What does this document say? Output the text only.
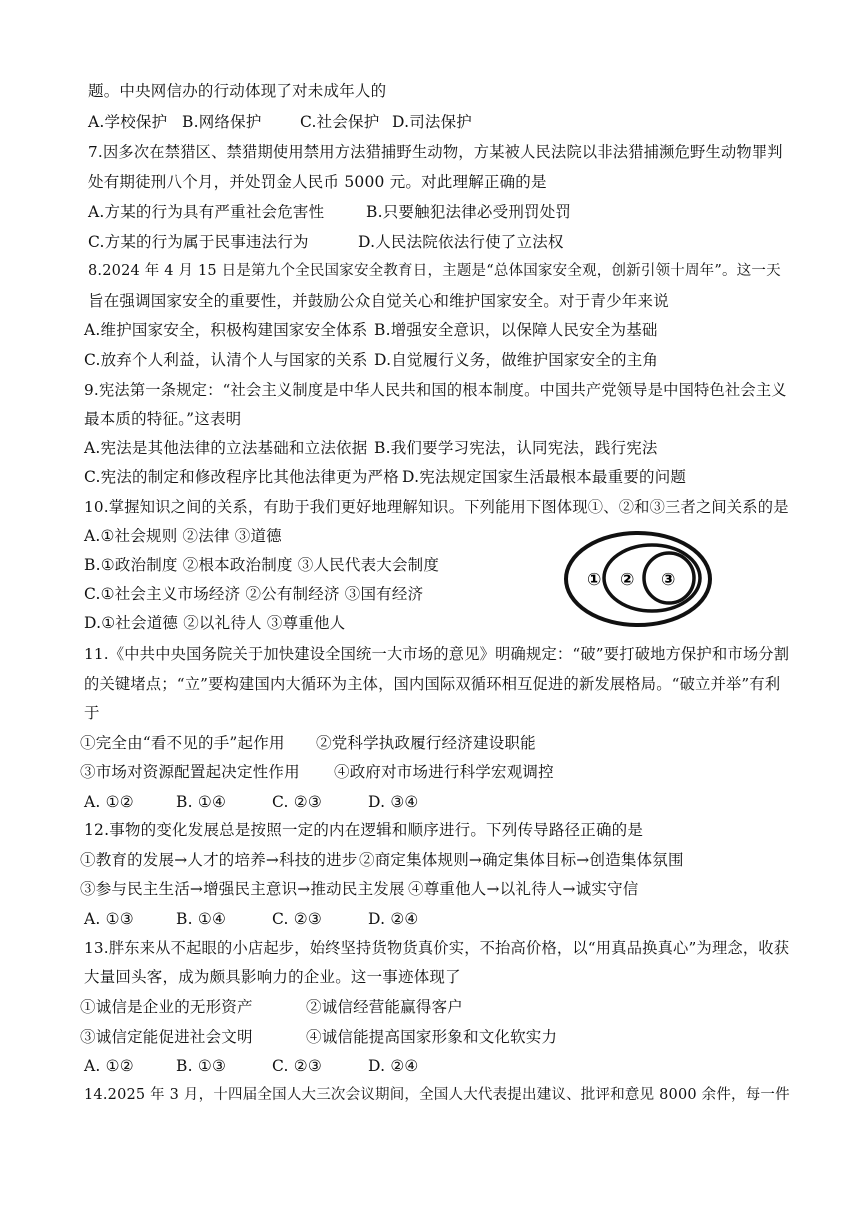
题。中央网信办的行动体现了对未成年人的
A.学校保护 B.网络保护 C.社会保护 D.司法保护
7.因多次在禁猎区、禁猎期使用禁用方法猎捕野生动物，方某被人民法院以非法猎捕濒危野生动物罪判
处有期徒刑八个月，并处罚金人民币 5000 元。对此理解正确的是
A.方某的行为具有严重社会危害性	B.只要触犯法律必受刑罚处罚
C.方某的行为属于民事违法行为	D.人民法院依法行使了立法权
8.2024 年 4 月 15 日是第九个全民国家安全教育日，主题是“总体国家安全观，创新引领十周年”。这一天
旨在强调国家安全的重要性，并鼓励公众自觉关心和维护国家安全。对于青少年来说
A.维护国家安全，积极构建国家安全体系 B.增强安全意识，以保障人民安全为基础
C.放弃个人利益，认清个人与国家的关系 D.自觉履行义务，做维护国家安全的主角
9.宪法第一条规定：“社会主义制度是中华人民共和国的根本制度。中国共产党领导是中国特色社会主义
最本质的特征。”这表明
A.宪法是其他法律的立法基础和立法依据 B.我们要学习宪法，认同宪法，践行宪法
C.宪法的制定和修改程序比其他法律更为严格 D.宪法规定国家生活最根本最重要的问题
10.掌握知识之间的关系，有助于我们更好地理解知识。下列能用下图体现①、②和③三者之间关系的是
A.①社会规则 ②法律 ③道德
B.①政治制度 ②根本政治制度 ③人民代表大会制度
C.①社会主义市场经济 ②公有制经济 ③国有经济
D.①社会道德 ②以礼待人 ③尊重他人
① ② ③
11.《中共中央国务院关于加快建设全国统一大市场的意见》明确规定：“破”要打破地方保护和市场分割
的关键堵点；“立”要构建国内大循环为主体，国内国际双循环相互促进的新发展格局。“破立并举”有利
于
①完全由“看不见的手”起作用 ②党科学执政履行经济建设职能
③市场对资源配置起决定性作用 ④政府对市场进行科学宏观调控
A. ①②	B. ①④	C. ②③	D. ③④
12.事物的变化发展总是按照一定的内在逻辑和顺序进行。下列传导路径正确的是
①教育的发展→人才的培养→科技的进步 ②商定集体规则→确定集体目标→创造集体氛围
③参与民主生活→增强民主意识→推动民主发展 ④尊重他人→以礼待人→诚实守信
A. ①③	B. ①④	C. ②③	D. ②④
13.胖东来从不起眼的小店起步，始终坚持货物货真价实，不抬高价格，以“用真品换真心”为理念，收获
大量回头客，成为颇具影响力的企业。这一事迹体现了
①诚信是企业的无形资产	②诚信经营能赢得客户
③诚信定能促进社会文明	④诚信能提高国家形象和文化软实力
A. ①②	B. ①③	C. ②③	D. ②④
14.2025 年 3 月，十四届全国人大三次会议期间，全国人大代表提出建议、批评和意见 8000 余件，每一件
